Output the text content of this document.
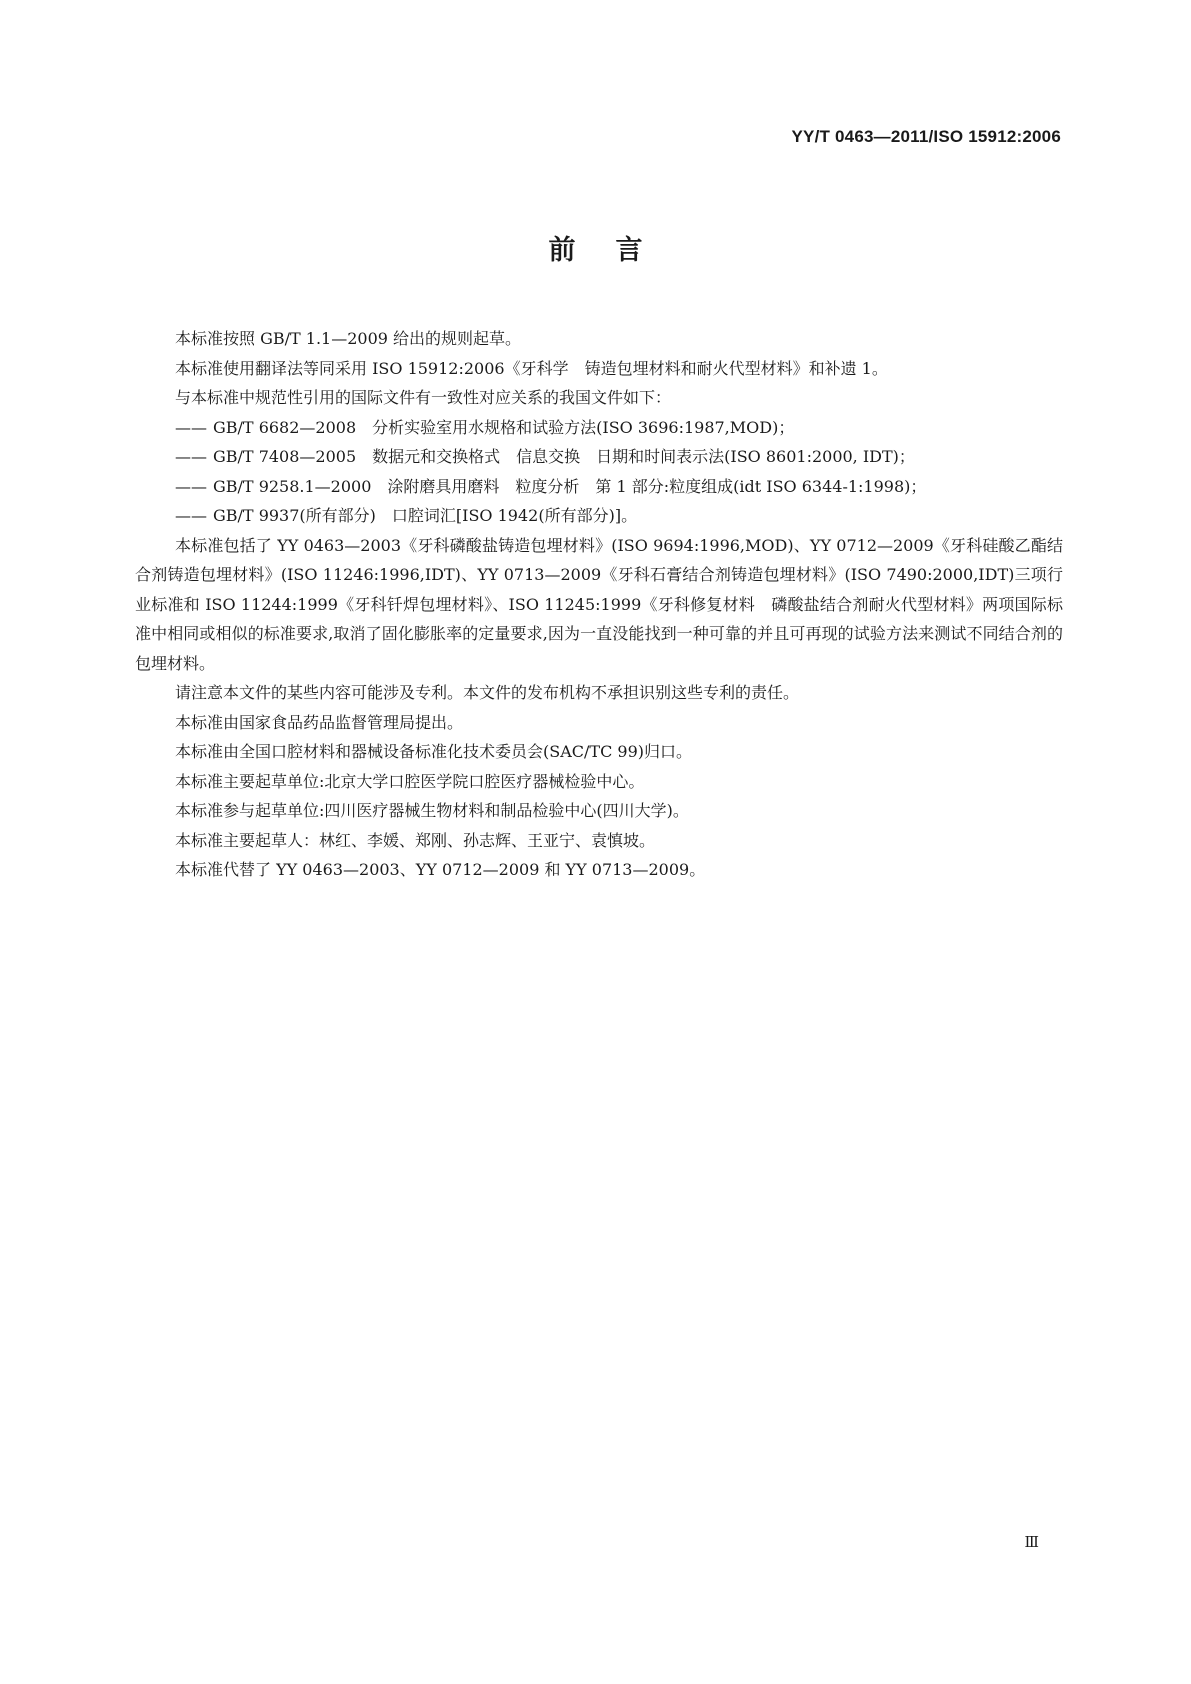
YY/T 0463—2011/ISO 15912:2006
前言

本标准按照 GB/T 1.1—2009 给出的规则起草。

本标准使用翻译法等同采用 ISO 15912:2006《牙科学　铸造包埋材料和耐火代型材料》和补遗 1。

与本标准中规范性引用的国际文件有一致性对应关系的我国文件如下：

—— GB/T 6682—2008　分析实验室用水规格和试验方法(ISO 3696:1987,MOD)；

—— GB/T 7408—2005　数据元和交换格式　信息交换　日期和时间表示法(ISO 8601:2000, IDT)；

—— GB/T 9258.1—2000　涂附磨具用磨料　粒度分析　第 1 部分:粒度组成(idt ISO 6344-1:1998)；

—— GB/T 9937(所有部分)　口腔词汇[ISO 1942(所有部分)]。

本标准包括了 YY 0463—2003《牙科磷酸盐铸造包埋材料》(ISO 9694:1996,MOD)、YY 0712—2009《牙科硅酸乙酯结合剂铸造包埋材料》(ISO 11246:1996,IDT)、YY 0713—2009《牙科石膏结合剂铸造包埋材料》(ISO 7490:2000,IDT)三项行业标准和 ISO 11244:1999《牙科钎焊包埋材料》、ISO 11245:1999《牙科修复材料　磷酸盐结合剂耐火代型材料》两项国际标准中相同或相似的标准要求,取消了固化膨胀率的定量要求,因为一直没能找到一种可靠的并且可再现的试验方法来测试不同结合剂的包埋材料。

请注意本文件的某些内容可能涉及专利。本文件的发布机构不承担识别这些专利的责任。

本标准由国家食品药品监督管理局提出。

本标准由全国口腔材料和器械设备标准化技术委员会(SAC/TC 99)归口。

本标准主要起草单位:北京大学口腔医学院口腔医疗器械检验中心。

本标准参与起草单位:四川医疗器械生物材料和制品检验中心(四川大学)。

本标准主要起草人：林红、李媛、郑刚、孙志辉、王亚宁、袁慎坡。

本标准代替了 YY 0463—2003、YY 0712—2009 和 YY 0713—2009。

Ⅲ
